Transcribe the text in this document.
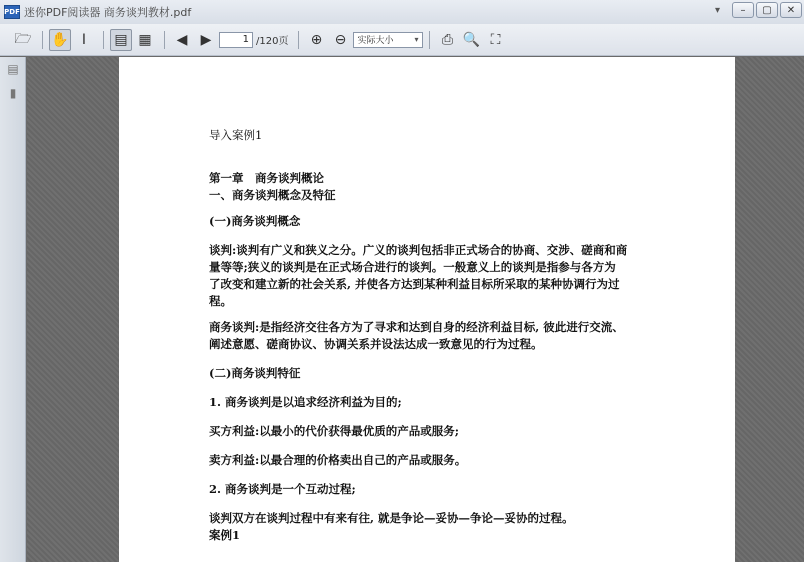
PDF 迷你PDF阅读器 商务谈判教材.pdf	▾	–	▢	✕
🗁 ✋ I	▤ ▦	◀ ▶	1 /120页	⊕ ⊖	实际大小	▾	⎙ 🔍 ⛶
▤
▮

导入案例1

第一章　商务谈判概论

一、商务谈判概念及特征

(一)商务谈判概念

谈判:谈判有广义和狭义之分。广义的谈判包括非正式场合的协商、交涉、磋商和商

量等等;狭义的谈判是在正式场合进行的谈判。一般意义上的谈判是指参与各方为

了改变和建立新的社会关系, 并使各方达到某种利益目标所采取的某种协调行为过

程。

商务谈判:是指经济交往各方为了寻求和达到自身的经济利益目标, 彼此进行交流、

阐述意愿、磋商协议、协调关系并设法达成一致意见的行为过程。

(二)商务谈判特征

1. 商务谈判是以追求经济利益为目的;

买方利益:以最小的代价获得最优质的产品或服务;

卖方利益:以最合理的价格卖出自己的产品或服务。

2. 商务谈判是一个互动过程;

谈判双方在谈判过程中有来有往, 就是争论—妥协—争论—妥协的过程。

案例1
